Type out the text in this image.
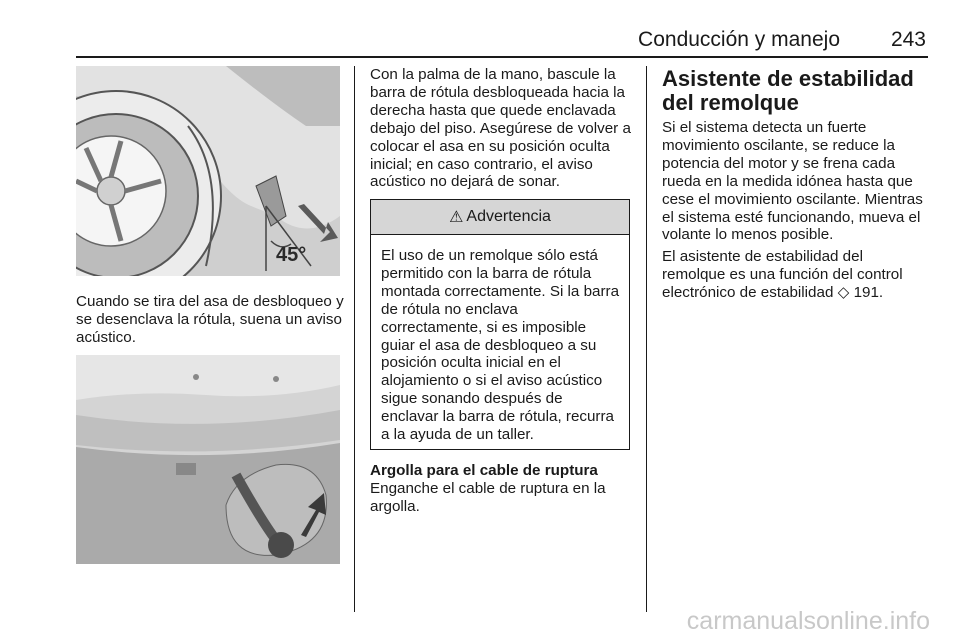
Conducción y manejo 243
45°

Cuando se tira del asa de desbloqueo y se desenclava la rótula, suena un aviso acústico.

Con la palma de la mano, bascule la barra de rótula desbloqueada hacia la derecha hasta que quede enclavada debajo del piso. Asegúrese de volver a colocar el asa en su posición oculta inicial; en caso contrario, el aviso acústico no dejará de sonar.

⚠ Advertencia
El uso de un remolque sólo está permitido con la barra de rótula montada correctamente. Si la barra de rótula no enclava correctamente, si es imposible guiar el asa de desbloqueo a su posición oculta inicial en el alojamiento o si el aviso acústico sigue sonando después de enclavar la barra de rótula, recurra a la ayuda de un taller.

Argolla para el cable de ruptura

Enganche el cable de ruptura en la argolla.

Asistente de estabilidad del remolque

Si el sistema detecta un fuerte movimiento oscilante, se reduce la potencia del motor y se frena cada rueda en la medida idónea hasta que cese el movimiento oscilante. Mientras el sistema esté funcionando, mueva el volante lo menos posible.

El asistente de estabilidad del remolque es una función del control electrónico de estabilidad ◇ 191.

carmanualsonline.info
